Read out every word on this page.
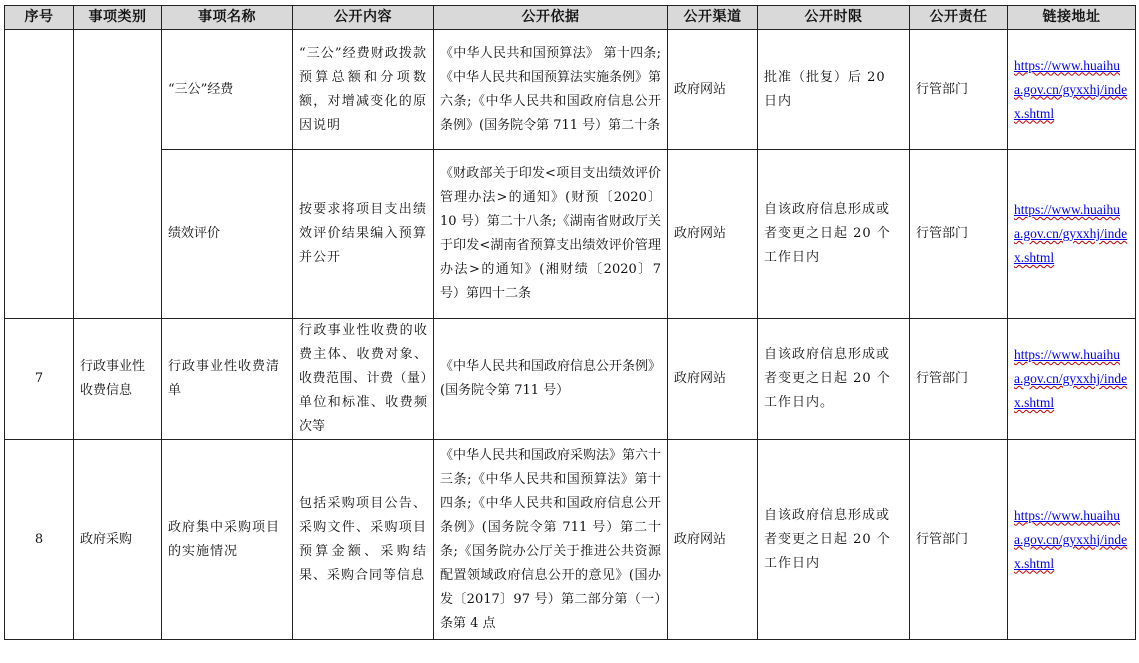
序号	事项类别	事项名称	公开内容	公开依据	公开渠道	公开时限	公开责任	链接地址
		“三公”经费	“三公”经费财政拨款预算总额和分项数额，对增减变化的原因说明	《中华人民共和国预算法》 第十四条;《中华人民共和国预算法实施条例》第六条;《中华人民共和国政府信息公开条例》(国务院令第 711 号）第二十条	政府网站	批准（批复）后 20 日内	行管部门	https://www.huaihua.gov.cn/gyxxhj/index.shtml

		绩效评价	按要求将项目支出绩效评价结果编入预算并公开	《财政部关于印发<项目支出绩效评价管理办法>的通知》(财预〔2020〕10 号）第二十八条;《湖南省财政厅关于印发<湖南省预算支出绩效评价管理办法>的通知》(湘财绩〔2020〕7 号）第四十二条	政府网站	自该政府信息形成或者变更之日起 20 个工作日内	行管部门	https://www.huaihua.gov.cn/gyxxhj/index.shtml

7	行政事业性收费信息	行政事业性收费清单	行政事业性收费的收费主体、收费对象、收费范围、计费（量）单位和标准、收费频次等	《中华人民共和国政府信息公开条例》(国务院令第 711 号）	政府网站	自该政府信息形成或者变更之日起 20 个工作日内。	行管部门	https://www.huaihua.gov.cn/gyxxhj/index.shtml

8	政府采购	政府集中采购项目的实施情况	包括采购项目公告、采购文件、采购项目预算金额、采购结果、采购合同等信息	《中华人民共和国政府采购法》第六十三条;《中华人民共和国预算法》第十四条;《中华人民共和国政府信息公开条例》(国务院令第 711 号）第二十条;《国务院办公厅关于推进公共资源配置领域政府信息公开的意见》(国办发〔2017〕97 号）第二部分第（一）条第 4 点	政府网站	自该政府信息形成或者变更之日起 20 个工作日内	行管部门	https://www.huaihua.gov.cn/gyxxhj/index.shtml
